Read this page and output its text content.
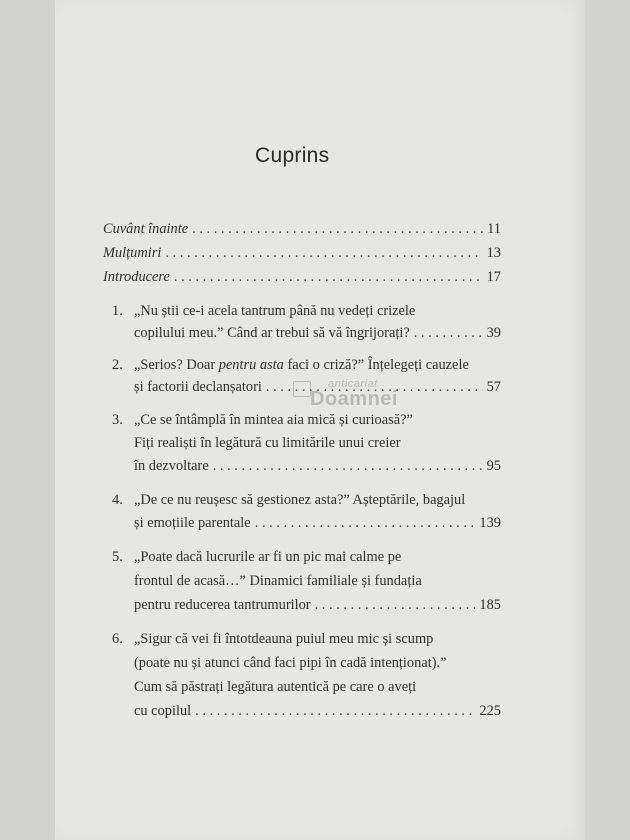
Cuprins
Cuvânt înainte . . .	11
Mulțumiri . . .	13
Introducere . . .	17
1. „Nu știi ce-i acela tantrum până nu vedeți crizele
copilului meu.” Când ar trebui să vă îngrijorați? . . .	39
2. „Serios? Doar pentru asta faci o criză?” Înțelegeți cauzele
și factorii declanșatori . . .	57
3. „Ce se întâmplă în mintea aia mică și curioasă?”
Fiți realiști în legătură cu limitările unui creier
în dezvoltare . . .	95
4. „De ce nu reușesc să gestionez asta?” Așteptările, bagajul
și emoțiile parentale . . .	139
5. „Poate dacă lucrurile ar fi un pic mai calme pe
frontul de acasă…” Dinamici familiale și fundația
pentru reducerea tantrumurilor . . .	185
6. „Sigur că vei fi întotdeauna puiul meu mic și scump
(poate nu și atunci când faci pipi în cadă intenționat).”
Cum să păstrați legătura autentică pe care o aveți
cu copilul . . .	225
anticariat
Doamnei
